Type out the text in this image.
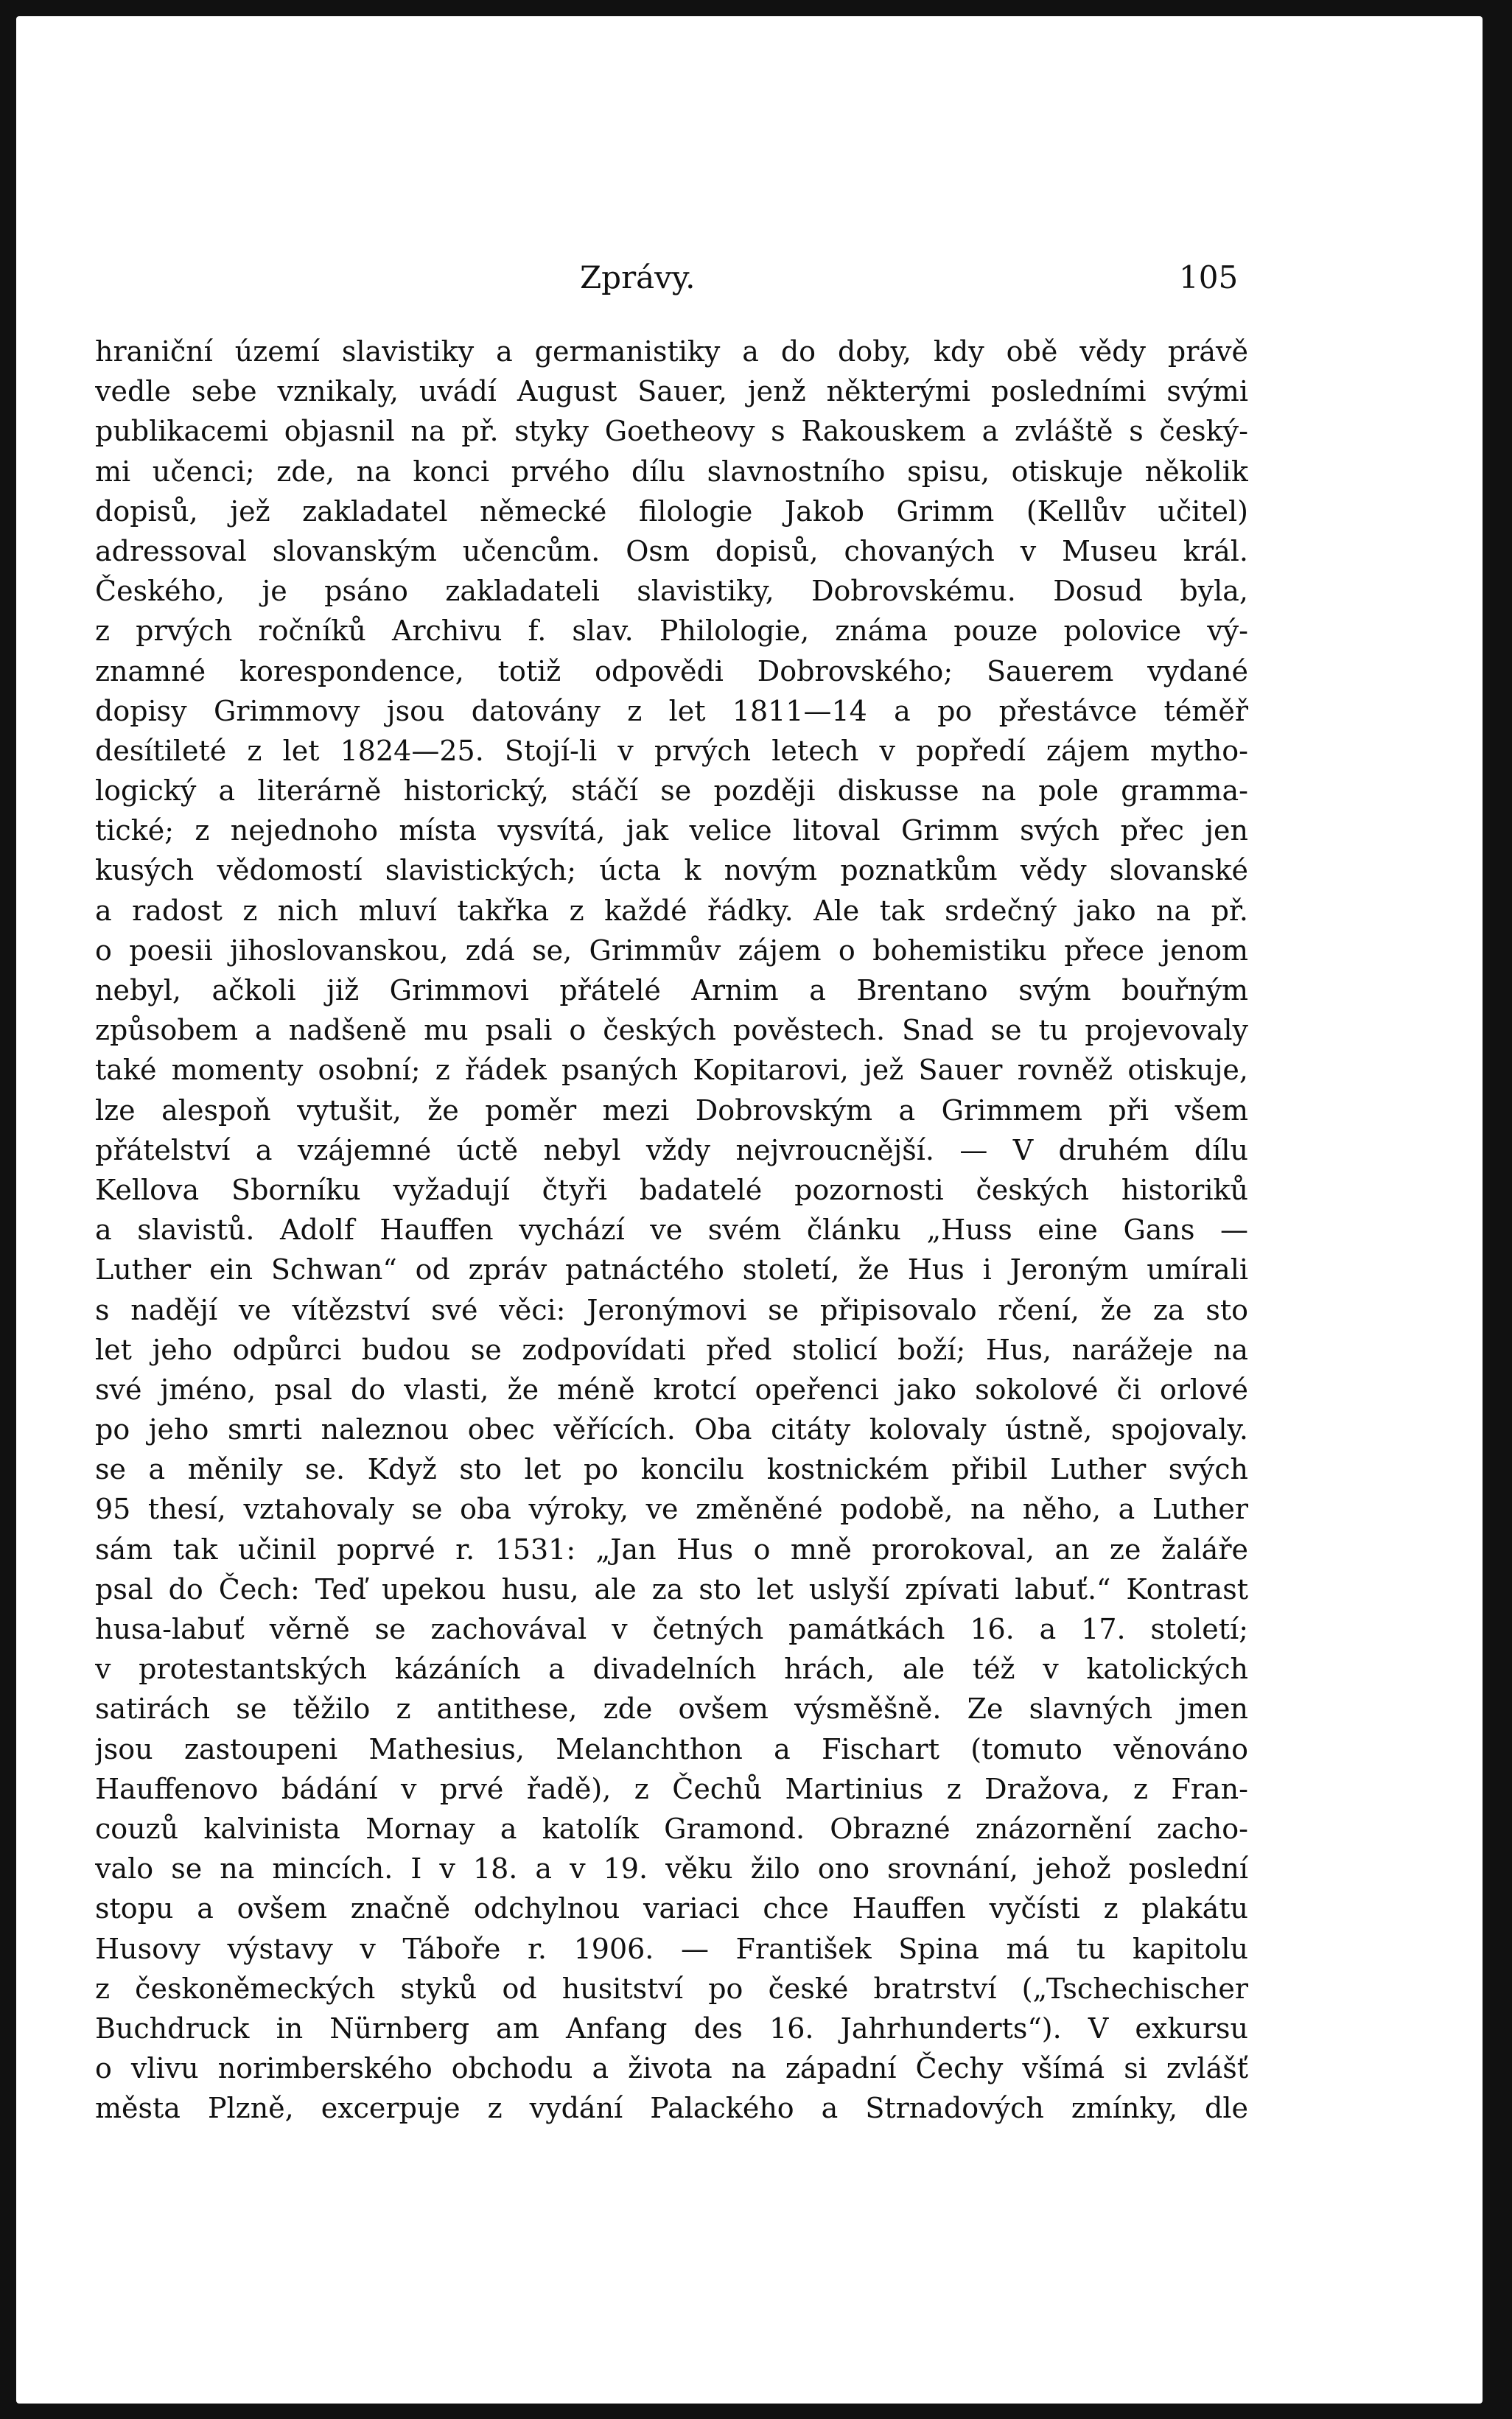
Zprávy.	105
hraniční území slavistiky a germanistiky a do doby, kdy obě vědy právě
vedle sebe vznikaly, uvádí August Sauer, jenž některými posledními svými
publikacemi objasnil na př. styky Goetheovy s Rakouskem a zvláště s český-
mi učenci; zde, na konci prvého dílu slavnostního spisu, otiskuje několik
dopisů, jež zakladatel německé filologie Jakob Grimm (Kellův učitel)
adressoval slovanským učencům. Osm dopisů, chovaných v Museu král.
Českého, je psáno zakladateli slavistiky, Dobrovskému. Dosud byla,
z prvých ročníků Archivu f. slav. Philologie, známa pouze polovice vý-
znamné korespondence, totiž odpovědi Dobrovského; Sauerem vydané
dopisy Grimmovy jsou datovány z let 1811—14 a po přestávce téměř
desítileté z let 1824—25. Stojí-li v prvých letech v popředí zájem mytho-
logický a literárně historický, stáčí se později diskusse na pole gramma-
tické; z nejednoho místa vysvítá, jak velice litoval Grimm svých přec jen
kusých vědomostí slavistických; úcta k novým poznatkům vědy slovanské
a radost z nich mluví takřka z každé řádky. Ale tak srdečný jako na př.
o poesii jihoslovanskou, zdá se, Grimmův zájem o bohemistiku přece jenom
nebyl, ačkoli již Grimmovi přátelé Arnim a Brentano svým bouřným
způsobem a nadšeně mu psali o českých pověstech. Snad se tu projevovaly
také momenty osobní; z řádek psaných Kopitarovi, jež Sauer rovněž otiskuje,
lze alespoň vytušit, že poměr mezi Dobrovským a Grimmem při všem
přátelství a vzájemné úctě nebyl vždy nejvroucnější. — V druhém dílu
Kellova Sborníku vyžadují čtyři badatelé pozornosti českých historiků
a slavistů. Adolf Hauffen vychází ve svém článku „Huss eine Gans —
Luther ein Schwan“ od zpráv patnáctého století, že Hus i Jeroným umírali
s nadějí ve vítězství své věci: Jeronýmovi se připisovalo rčení, že za sto
let jeho odpůrci budou se zodpovídati před stolicí boží; Hus, narážeje na
své jméno, psal do vlasti, že méně krotcí opeřenci jako sokolové či orlové
po jeho smrti naleznou obec věřících. Oba citáty kolovaly ústně, spojovaly.
se a měnily se. Když sto let po koncilu kostnickém přibil Luther svých
95 thesí, vztahovaly se oba výroky, ve změněné podobě, na něho, a Luther
sám tak učinil poprvé r. 1531: „Jan Hus o mně prorokoval, an ze žaláře
psal do Čech: Teď upekou husu, ale za sto let uslyší zpívati labuť.“ Kontrast
husa-labuť věrně se zachovával v četných památkách 16. a 17. století;
v protestantských kázáních a divadelních hrách, ale též v katolických
satirách se těžilo z antithese, zde ovšem výsměšně. Ze slavných jmen
jsou zastoupeni Mathesius, Melanchthon a Fischart (tomuto věnováno
Hauffenovo bádání v prvé řadě), z Čechů Martinius z Dražova, z Fran-
couzů kalvinista Mornay a katolík Gramond. Obrazné znázornění zacho-
valo se na mincích. I v 18. a v 19. věku žilo ono srovnání, jehož poslední
stopu a ovšem značně odchylnou variaci chce Hauffen vyčísti z plakátu
Husovy výstavy v Táboře r. 1906. — František Spina má tu kapitolu
z českoněmeckých styků od husitství po české bratrství („Tschechischer
Buchdruck in Nürnberg am Anfang des 16. Jahrhunderts“). V exkursu
o vlivu norimberského obchodu a života na západní Čechy všímá si zvlášť
města Plzně, excerpuje z vydání Palackého a Strnadových zmínky, dle
